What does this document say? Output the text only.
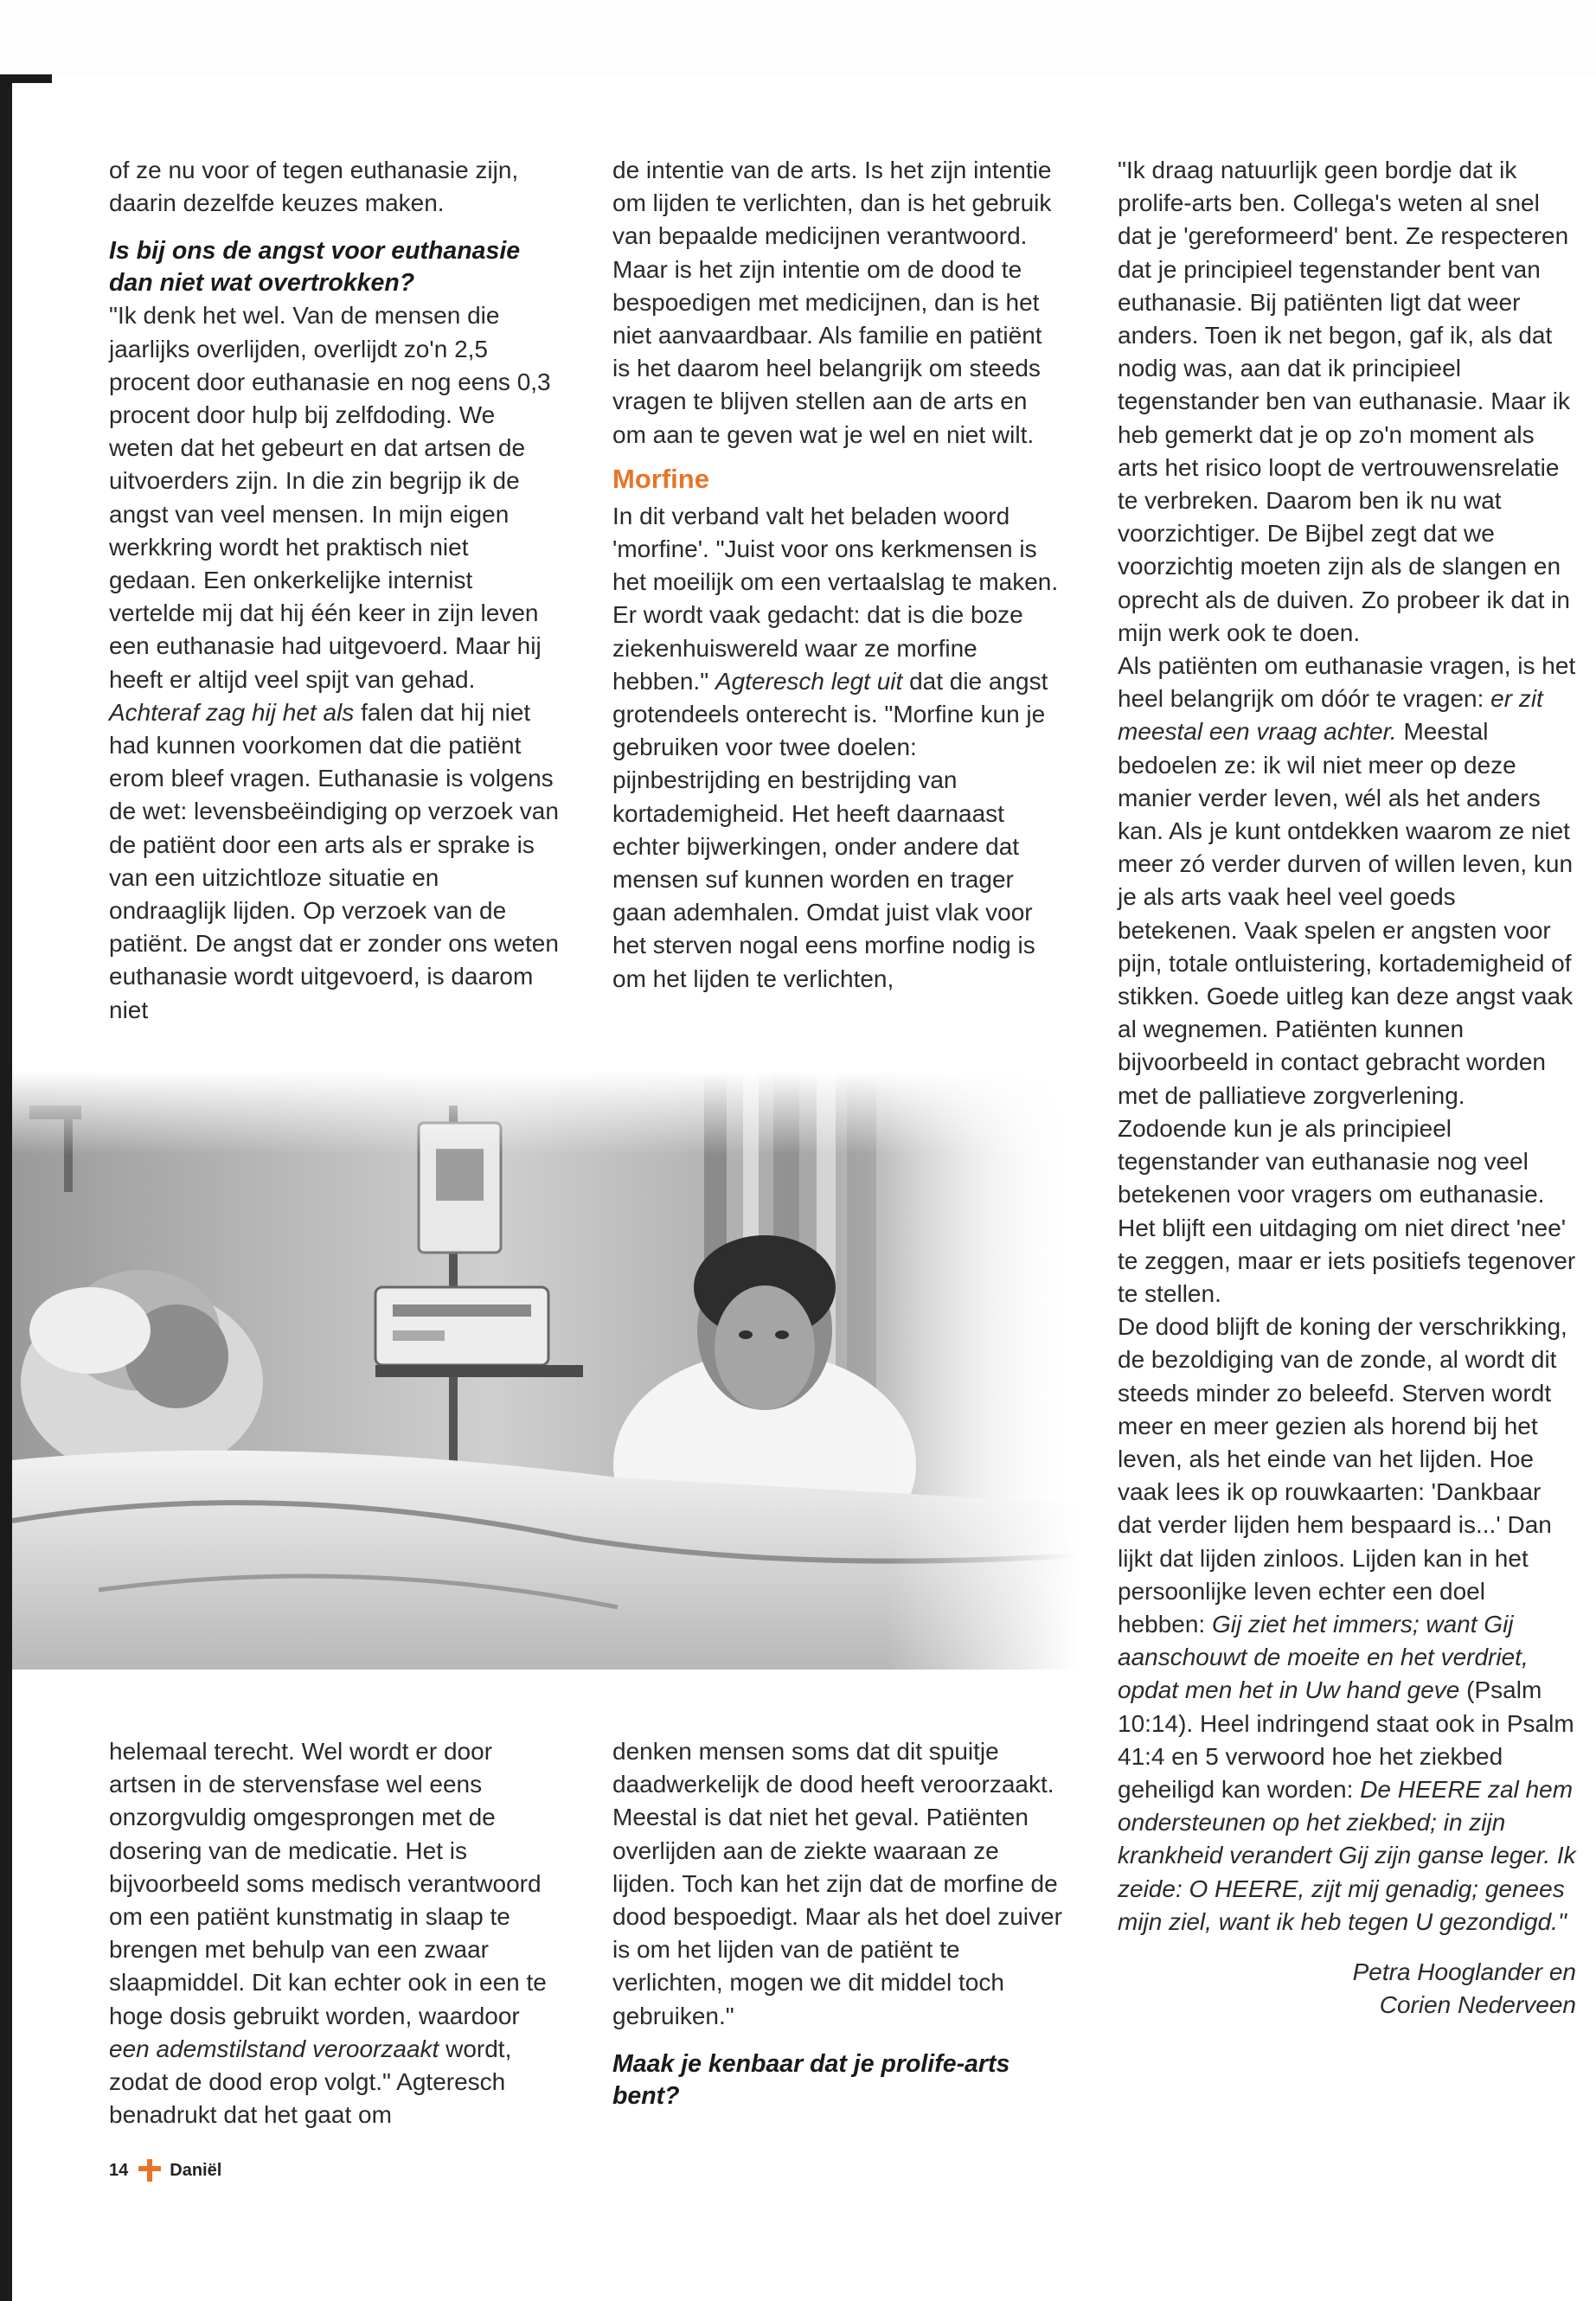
of ze nu voor of tegen euthanasie zijn, daarin dezelfde keuzes maken.

Is bij ons de angst voor euthanasie dan niet wat overtrokken?

"Ik denk het wel. Van de mensen die jaarlijks overlijden, overlijdt zo'n 2,5 procent door euthanasie en nog eens 0,3 procent door hulp bij zelfdoding. We weten dat het gebeurt en dat artsen de uitvoerders zijn. In die zin begrijp ik de angst van veel mensen. In mijn eigen werkkring wordt het praktisch niet gedaan. Een onkerkelijke internist vertelde mij dat hij één keer in zijn leven een euthanasie had uitgevoerd. Maar hij heeft er altijd veel spijt van gehad. Achteraf zag hij het als falen dat hij niet had kunnen voorkomen dat die patiënt erom bleef vragen. Euthanasie is volgens de wet: levensbeëindiging op verzoek van de patiënt door een arts als er sprake is van een uitzichtloze situatie en ondraaglijk lijden. Op verzoek van de patiënt. De angst dat er zonder ons weten euthanasie wordt uitgevoerd, is daarom niet

de intentie van de arts. Is het zijn intentie om lijden te verlichten, dan is het gebruik van bepaalde medicijnen verantwoord. Maar is het zijn intentie om de dood te bespoedigen met medicijnen, dan is het niet aanvaardbaar. Als familie en patiënt is het daarom heel belangrijk om steeds vragen te blijven stellen aan de arts en om aan te geven wat je wel en niet wilt.

Morfine

In dit verband valt het beladen woord 'morfine'. "Juist voor ons kerkmensen is het moeilijk om een vertaalslag te maken. Er wordt vaak gedacht: dat is die boze ziekenhuiswereld waar ze morfine hebben." Agteresch legt uit dat die angst grotendeels onterecht is. "Morfine kun je gebruiken voor twee doelen: pijnbestrijding en bestrijding van kortademigheid. Het heeft daarnaast echter bijwerkingen, onder andere dat mensen suf kunnen worden en trager gaan ademhalen. Omdat juist vlak voor het sterven nogal eens morfine nodig is om het lijden te verlichten,

"Ik draag natuurlijk geen bordje dat ik prolife-arts ben. Collega's weten al snel dat je 'gereformeerd' bent. Ze respecteren dat je principieel tegenstander bent van euthanasie. Bij patiënten ligt dat weer anders. Toen ik net begon, gaf ik, als dat nodig was, aan dat ik principieel tegenstander ben van euthanasie. Maar ik heb gemerkt dat je op zo'n moment als arts het risico loopt de vertrouwensrelatie te verbreken. Daarom ben ik nu wat voorzichtiger. De Bijbel zegt dat we voorzichtig moeten zijn als de slangen en oprecht als de duiven. Zo probeer ik dat in mijn werk ook te doen.

Als patiënten om euthanasie vragen, is het heel belangrijk om dóór te vragen: er zit meestal een vraag achter. Meestal bedoelen ze: ik wil niet meer op deze manier verder leven, wél als het anders kan. Als je kunt ontdekken waarom ze niet meer zó verder durven of willen leven, kun je als arts vaak heel veel goeds betekenen. Vaak spelen er angsten voor pijn, totale ontluistering, kortademigheid of stikken. Goede uitleg kan deze angst vaak al wegnemen. Patiënten kunnen bijvoorbeeld in contact gebracht worden met de palliatieve zorgverlening. Zodoende kun je als principieel tegenstander van euthanasie nog veel betekenen voor vragers om euthanasie. Het blijft een uitdaging om niet direct 'nee' te zeggen, maar er iets positiefs tegenover te stellen.

De dood blijft de koning der verschrikking, de bezoldiging van de zonde, al wordt dit steeds minder zo beleefd. Sterven wordt meer en meer gezien als horend bij het leven, als het einde van het lijden. Hoe vaak lees ik op rouwkaarten: 'Dankbaar dat verder lijden hem bespaard is...' Dan lijkt dat lijden zinloos. Lijden kan in het persoonlijke leven echter een doel hebben: Gij ziet het immers; want Gij aanschouwt de moeite en het verdriet, opdat men het in Uw hand geve (Psalm 10:14). Heel indringend staat ook in Psalm 41:4 en 5 verwoord hoe het ziekbed geheiligd kan worden: De HEERE zal hem ondersteunen op het ziekbed; in zijn krankheid verandert Gij zijn ganse leger. Ik zeide: O HEERE, zijt mij genadig; genees mijn ziel, want ik heb tegen U gezondigd."

Petra Hooglander en
Corien Nederveen

helemaal terecht. Wel wordt er door artsen in de stervensfase wel eens onzorgvuldig omgesprongen met de dosering van de medicatie. Het is bijvoorbeeld soms medisch verantwoord om een patiënt kunstmatig in slaap te brengen met behulp van een zwaar slaapmiddel. Dit kan echter ook in een te hoge dosis gebruikt worden, waardoor een ademstilstand veroorzaakt wordt, zodat de dood erop volgt." Agteresch benadrukt dat het gaat om

denken mensen soms dat dit spuitje daadwerkelijk de dood heeft veroorzaakt. Meestal is dat niet het geval. Patiënten overlijden aan de ziekte waaraan ze lijden. Toch kan het zijn dat de morfine de dood bespoedigt. Maar als het doel zuiver is om het lijden van de patiënt te verlichten, mogen we dit middel toch gebruiken."

Maak je kenbaar dat je prolife-arts bent?

14 Daniël
